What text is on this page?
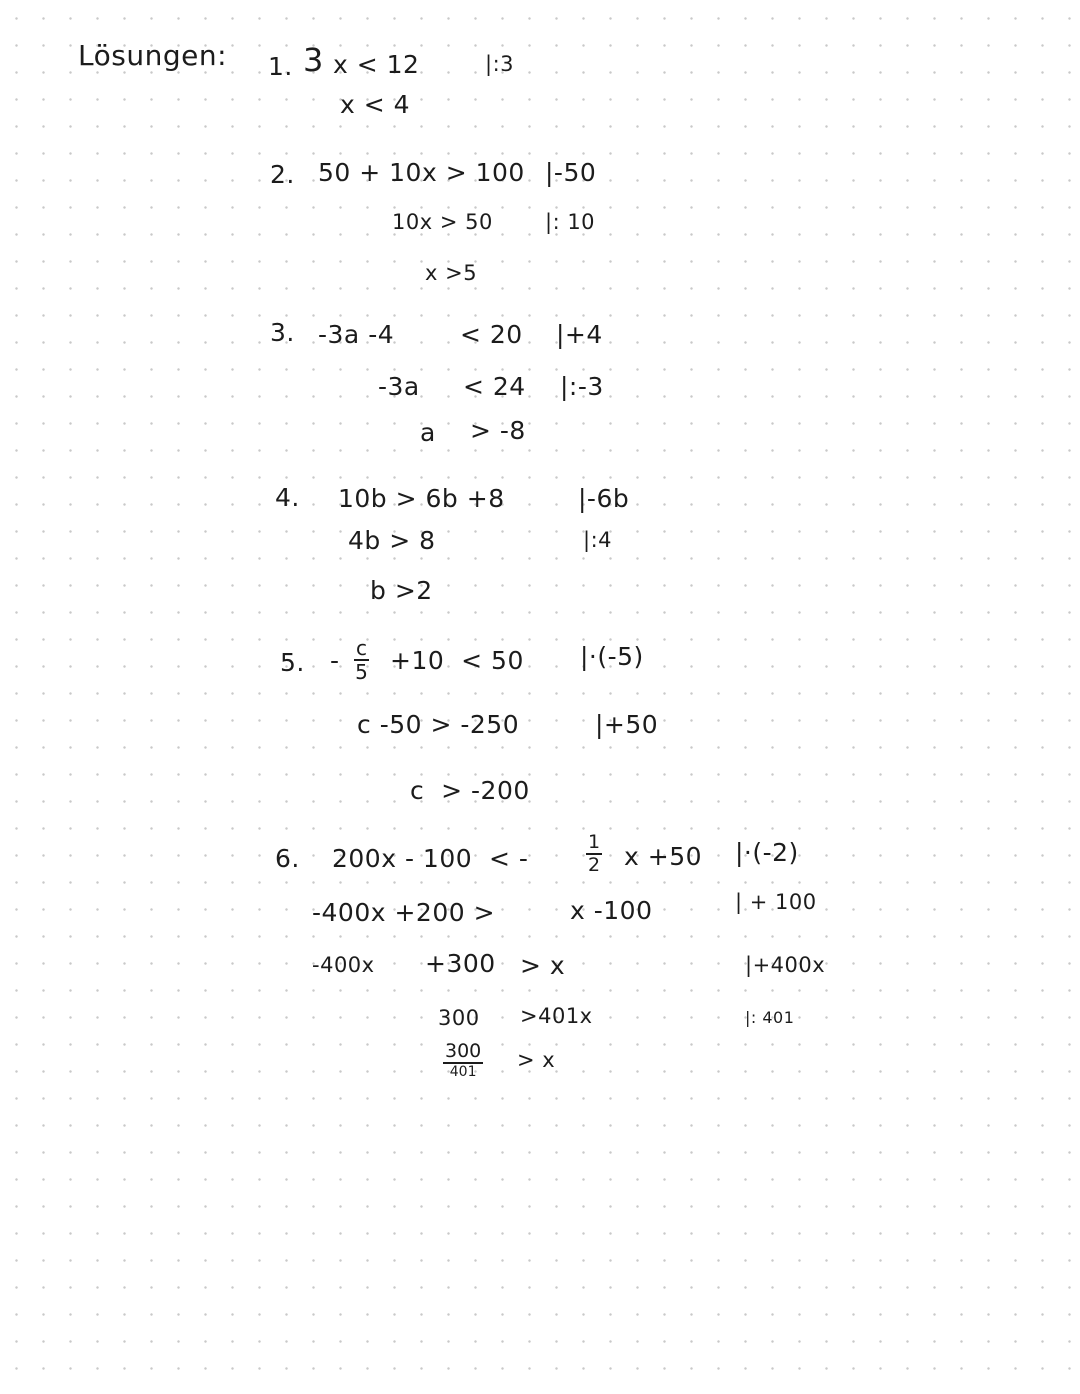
Lösungen: 1. 3 x < 12	|:3
x < 4
2. 50 + 10x > 100 |-50
10x > 50 |: 10
x >5
3. -3a -4	< 20 |+4
-3a < 24 |:-3
a > -8
4. 10b > 6b +8	|-6b
4b > 8	|:4
b >2
5. - $\frac{c}{5} +10 < 50$ |·(-5)
c -50 > -250	|+50
c  > -200
6. 200x - 100  < -	$\frac{1}{2}$ x +50 |·(-2)
-400x +200 >	x -100	| + 100
-400x +300 > x	|+400x
300 >401x	|: 401
300
401 > x
